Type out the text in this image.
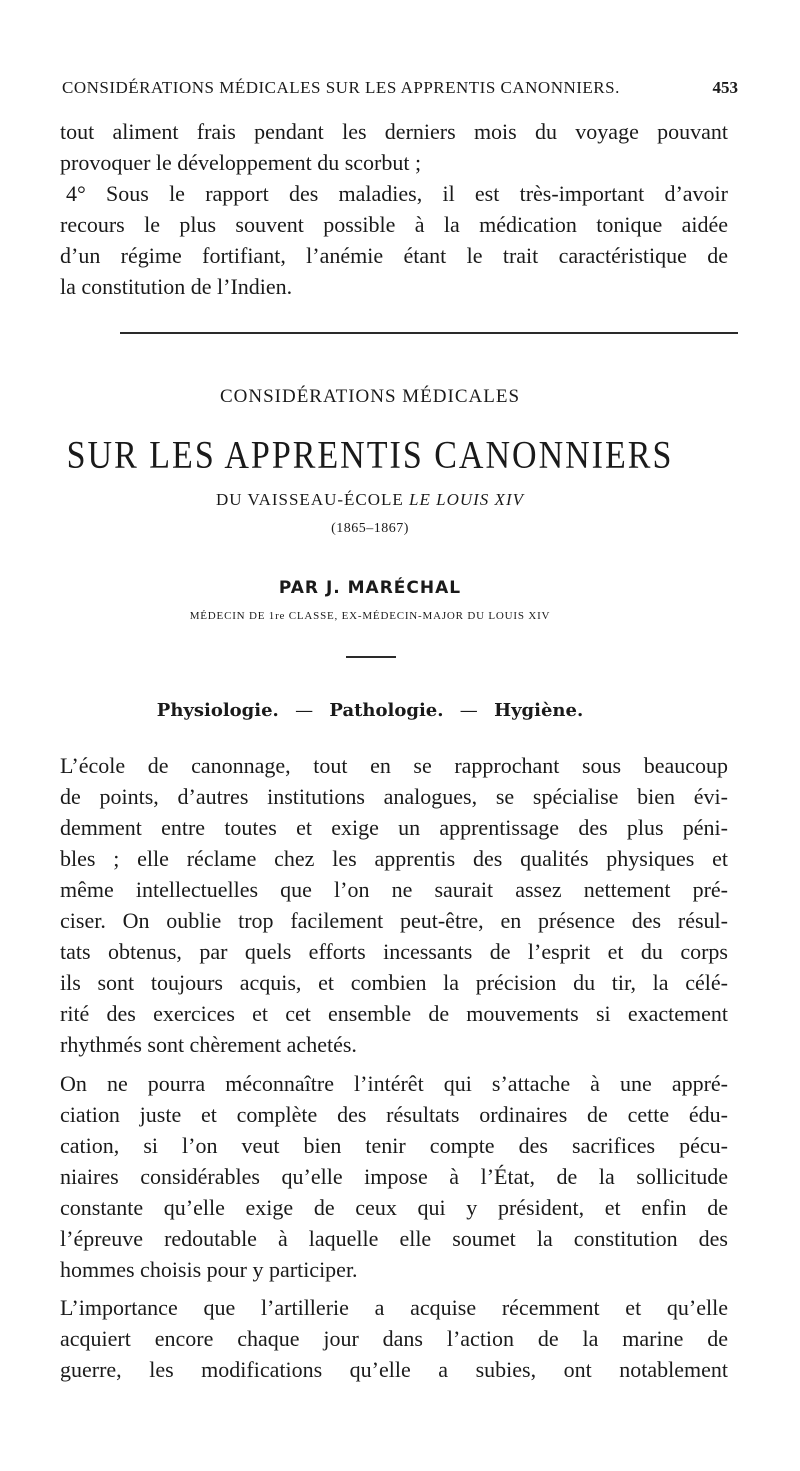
CONSIDÉRATIONS MÉDICALES SUR LES APPRENTIS CANONNIERS.	453
tout aliment frais pendant les derniers mois du voyage pouvant
provoquer le développement du scorbut ;
4° Sous le rapport des maladies, il est très-important d’avoir
recours le plus souvent possible à la médication tonique aidée
d’un régime fortifiant, l’anémie étant le trait caractéristique de
la constitution de l’Indien.
CONSIDÉRATIONS MÉDICALES
SUR LES APPRENTIS CANONNIERS
DU VAISSEAU-ÉCOLE LE LOUIS XIV
(1865–1867)
PAR J. MARÉCHAL
MÉDECIN DE 1re CLASSE, EX-MÉDECIN-MAJOR DU LOUIS XIV
Physiologie. — Pathologie. — Hygiène.
L’école de canonnage, tout en se rapprochant sous beaucoup
de points, d’autres institutions analogues, se spécialise bien évi-
demment entre toutes et exige un apprentissage des plus péni-
bles ; elle réclame chez les apprentis des qualités physiques et
même intellectuelles que l’on ne saurait assez nettement pré-
ciser. On oublie trop facilement peut-être, en présence des résul-
tats obtenus, par quels efforts incessants de l’esprit et du corps
ils sont toujours acquis, et combien la précision du tir, la célé-
rité des exercices et cet ensemble de mouvements si exactement
rhythmés sont chèrement achetés.
On ne pourra méconnaître l’intérêt qui s’attache à une appré-
ciation juste et complète des résultats ordinaires de cette édu-
cation, si l’on veut bien tenir compte des sacrifices pécu-
niaires considérables qu’elle impose à l’État, de la sollicitude
constante qu’elle exige de ceux qui y président, et enfin de
l’épreuve redoutable à laquelle elle soumet la constitution des
hommes choisis pour y participer.
L’importance que l’artillerie a acquise récemment et qu’elle
acquiert encore chaque jour dans l’action de la marine de
guerre, les modifications qu’elle a subies, ont notablement
